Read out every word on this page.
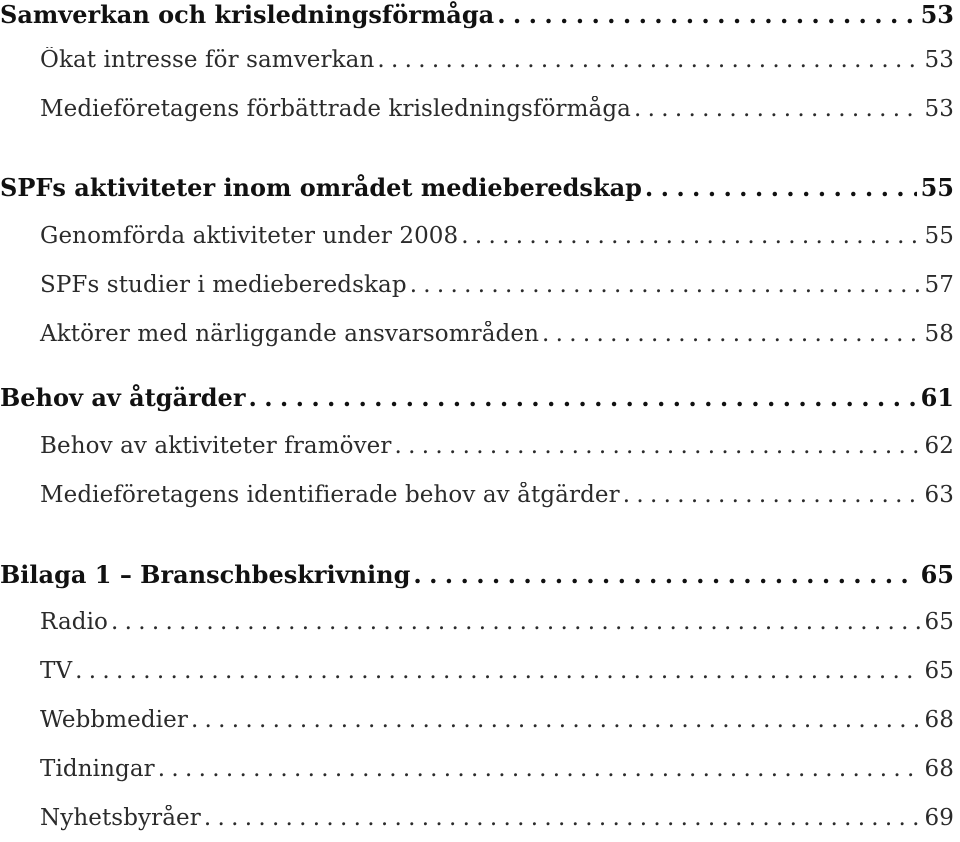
Samverkan och krisledningsförmåga . . .	53
Ökat intresse för samverkan . . .	53
Medieföretagens förbättrade krisledningsförmåga . . .	53
SPFs aktiviteter inom området medieberedskap . . .	55
Genomförda aktiviteter under 2008 . . .	55
SPFs studier i medieberedskap . . .	57
Aktörer med närliggande ansvarsområden . . .	58
Behov av åtgärder . . .	61
Behov av aktiviteter framöver . . .	62
Medieföretagens identifierade behov av åtgärder . . .	63
Bilaga 1 – Branschbeskrivning . . .	65
Radio . . .	65
TV . . .	65
Webbmedier . . .	68
Tidningar . . .	68
Nyhetsbyråer . . .	69
